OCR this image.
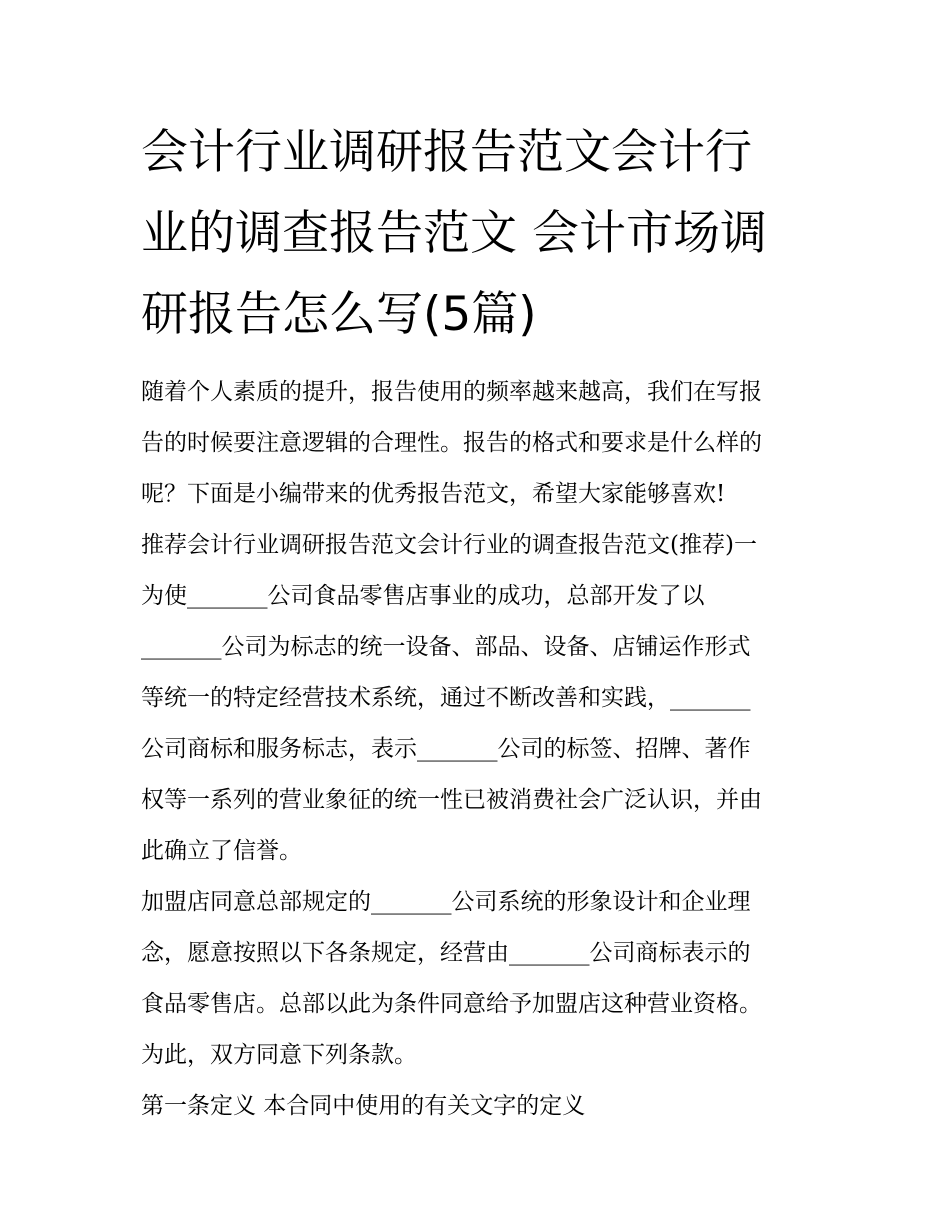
会计行业调研报告范文会计行
业的调查报告范文 会计市场调
研报告怎么写(5篇)
随着个人素质的提升，报告使用的频率越来越高，我们在写报
告的时候要注意逻辑的合理性。报告的格式和要求是什么样的
呢？下面是小编带来的优秀报告范文，希望大家能够喜欢!
推荐会计行业调研报告范文会计行业的调查报告范文(推荐)一
为使_______公司食品零售店事业的成功，总部开发了以
_______公司为标志的统一设备、部品、设备、店铺运作形式
等统一的特定经营技术系统，通过不断改善和实践，_______
公司商标和服务标志，表示_______公司的标签、招牌、著作
权等一系列的营业象征的统一性已被消费社会广泛认识，并由
此确立了信誉。
加盟店同意总部规定的_______公司系统的形象设计和企业理
念，愿意按照以下各条规定，经营由_______公司商标表示的
食品零售店。总部以此为条件同意给予加盟店这种营业资格。
为此，双方同意下列条款。
第一条定义 本合同中使用的有关文字的定义
